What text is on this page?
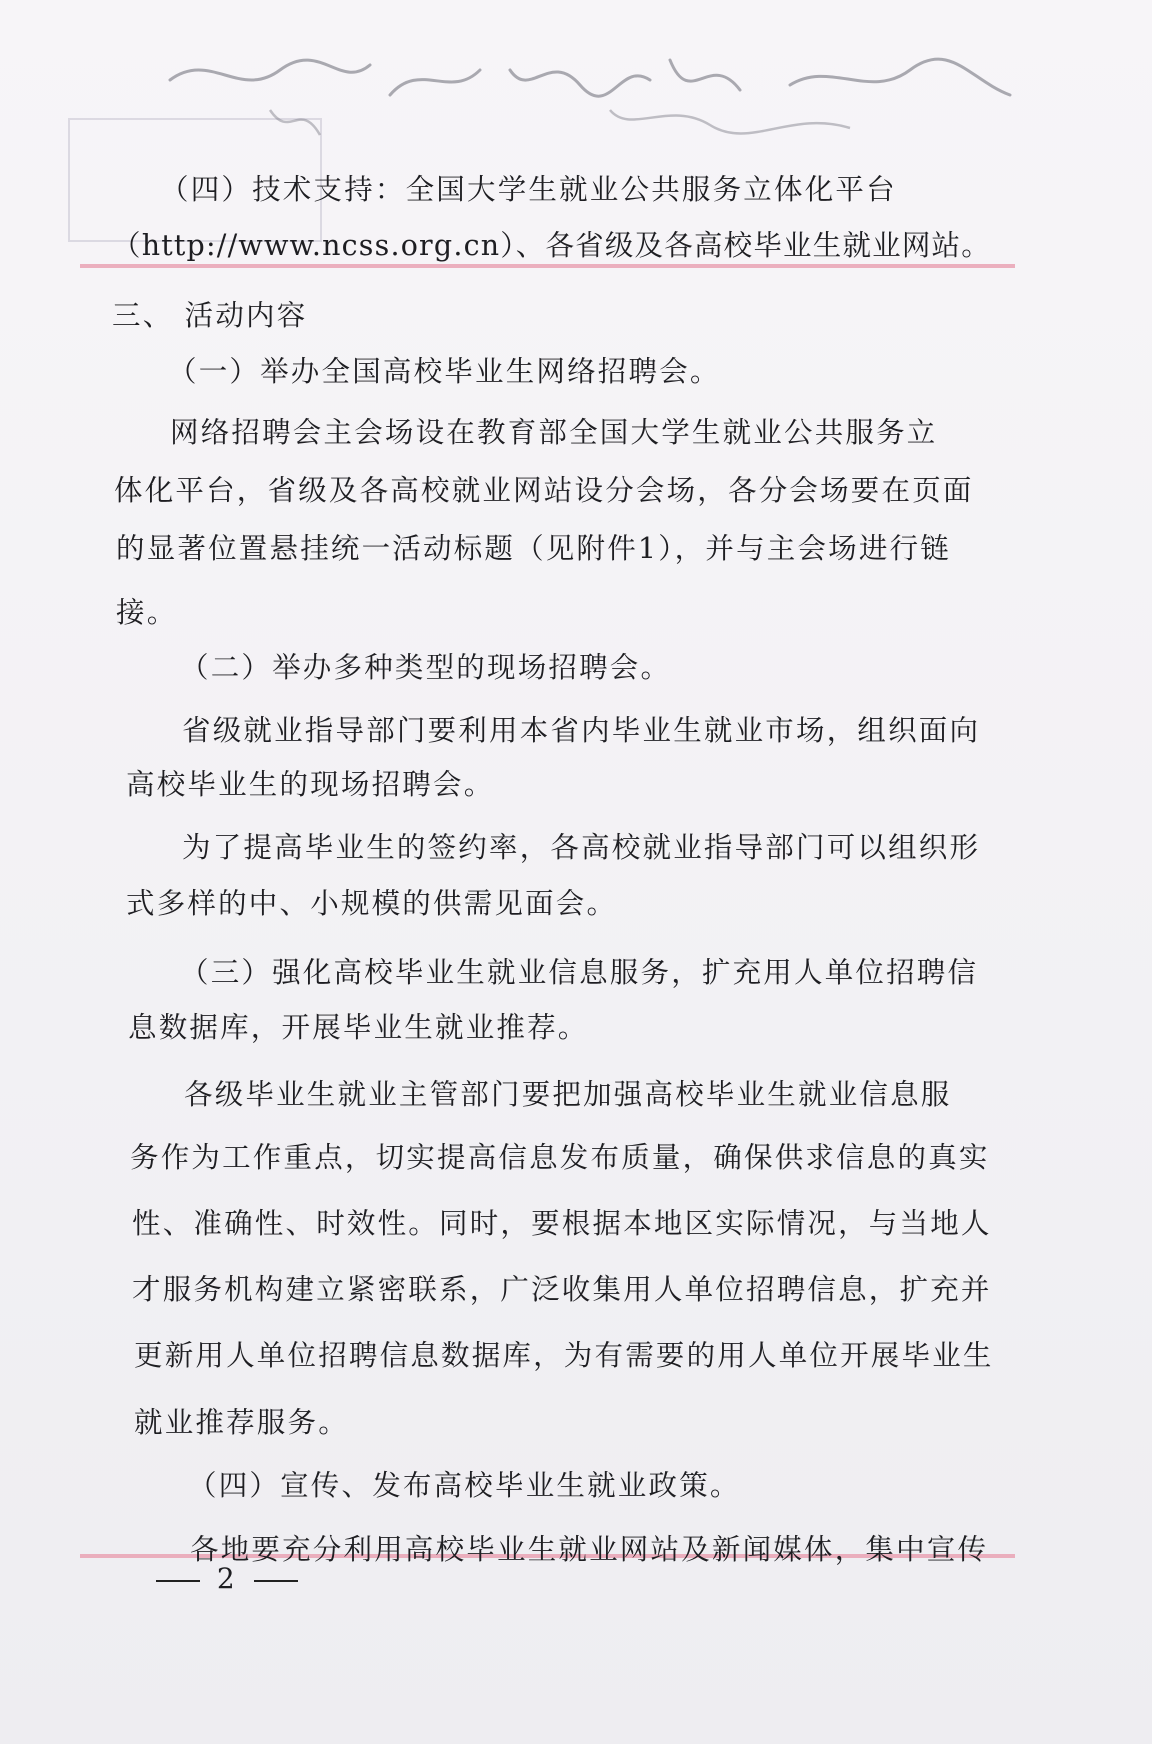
（四）技术支持：全国大学生就业公共服务立体化平台
（http://www.ncss.org.cn）、各省级及各高校毕业生就业网站。
三、 活动内容
（一）举办全国高校毕业生网络招聘会。
网络招聘会主会场设在教育部全国大学生就业公共服务立
体化平台，省级及各高校就业网站设分会场，各分会场要在页面
的显著位置悬挂统一活动标题（见附件1），并与主会场进行链
接。
（二）举办多种类型的现场招聘会。
省级就业指导部门要利用本省内毕业生就业市场，组织面向
高校毕业生的现场招聘会。
为了提高毕业生的签约率，各高校就业指导部门可以组织形
式多样的中、小规模的供需见面会。
（三）强化高校毕业生就业信息服务，扩充用人单位招聘信
息数据库，开展毕业生就业推荐。
各级毕业生就业主管部门要把加强高校毕业生就业信息服
务作为工作重点，切实提高信息发布质量，确保供求信息的真实
性、准确性、时效性。同时，要根据本地区实际情况，与当地人
才服务机构建立紧密联系，广泛收集用人单位招聘信息，扩充并
更新用人单位招聘信息数据库，为有需要的用人单位开展毕业生
就业推荐服务。
（四）宣传、发布高校毕业生就业政策。
各地要充分利用高校毕业生就业网站及新闻媒体，集中宣传
2
